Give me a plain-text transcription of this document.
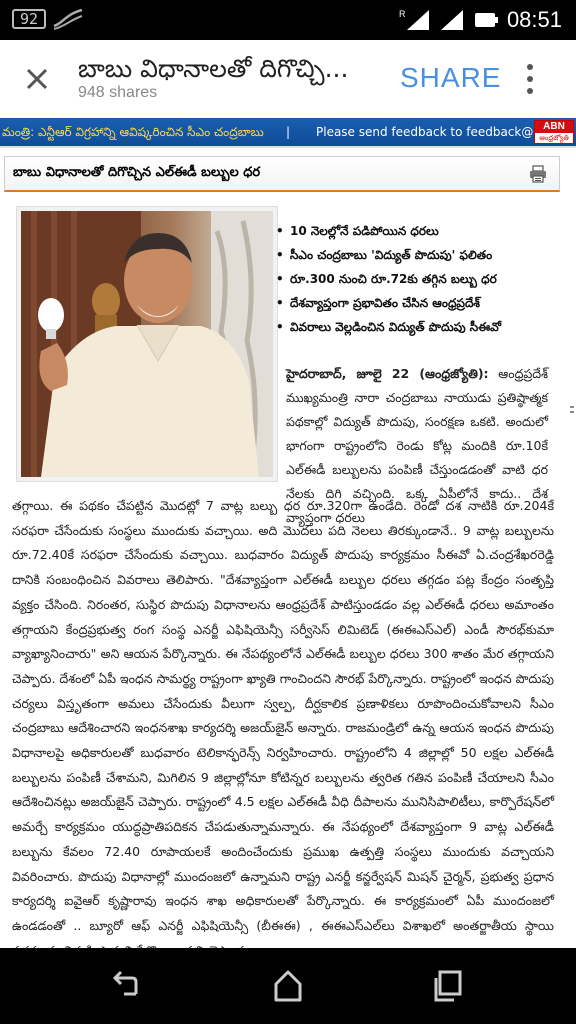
92	R	08:51
బాబు విధానాలతో దిగొచ్చి...
948 shares	SHARE
మంత్రి: ఎన్టీఆర్ విగ్రహాన్ని ఆవిష్కరించిన సీఎం చంద్రబాబు | Please send feedback to feedback@ ABN
ఆంధ్రజ్యోతి
బాబు విధానాలతో దిగొచ్చిన ఎల్ఈడీ బల్బుల ధర
• 10 నెలల్లోనే పడిపోయిన ధరలు
• సీఎం చంద్రబాబు 'విద్యుత్ పొదుపు' ఫలితం
• రూ.300 నుంచి రూ.72కు తగ్గిన బల్బు ధర
• దేశవ్యాప్తంగా ప్రభావితం చేసిన ఆంధ్రప్రదేశ్
• వివరాలు వెల్లడించిన విద్యుత్ పొదుపు సీఈవో

హైదరాబాద్, జూలై 22 (ఆంధ్రజ్యోతి): ఆంధ్రప్రదేశ్ ముఖ్యమంత్రి నారా చంద్రబాబు నాయుడు ప్రతిష్ఠాత్మక పథకాల్లో విద్యుత్ పొదుపు, సంరక్షణ ఒకటి. అందులో భాగంగా రాష్ట్రంలోని రెండు కోట్ల మందికి రూ.10కే ఎల్ఈడీ బల్బులను పంపిణీ చేస్తుండడంతో వాటి ధర నేలకు దిగి వచ్చింది. ఒక్క ఏపీలోనే కాదు.. దేశ వ్యాప్తంగా ధరలు

తగ్గాయి. ఈ పథకం చేపట్టిన మొదట్లో 7 వాట్ల బల్బు ధర రూ.320గా ఉండేది. రెండో దశ నాటికి రూ.204కే సరఫరా చేసేందుకు సంస్థలు ముందుకు వచ్చాయి. అది మొదలు పది నెలలు తిరక్కుండానే.. 9 వాట్ల బల్బులను రూ.72.40కే సరఫరా చేసేందుకు వచ్చాయి. బుధవారం విద్యుత్ పొదుపు కార్యక్రమం సీఈవో ఏ.చంద్రశేఖరరెడ్డి దానికి సంబంధించిన వివరాలు తెలిపారు. "దేశవ్యాప్తంగా ఎల్ఈడీ బల్బుల ధరలు తగ్గడం పట్ల కేంద్రం సంతృప్తి వ్యక్తం చేసింది. నిరంతర, సుస్థిర పొదుపు విధానాలను ఆంధ్రప్రదేశ్ పాటిస్తుండడం వల్ల ఎల్ఈడీ ధరలు అమాంతం తగ్గాయని కేంద్రప్రభుత్వ రంగ సంస్థ ఎనర్జీ ఎఫిషియెన్సీ సర్వీసెస్ లిమిటెడ్ (ఈఈఎస్ఎల్) ఎండీ సౌరభ్‌కుమా ‌వ్యాఖ్యానించారు" అని ఆయన పేర్కొన్నారు. ఈ నేపథ్యంలోనే ఎల్ఈడీ బల్బుల ధరలు 300 శాతం మేర తగ్గాయని చెప్పారు. దేశంలో ఏపీ ఇంధన సామర్థ్య రాష్ట్రంగా ఖ్యాతి గాంచిందని సౌరభ్ పేర్కొన్నారు. రాష్ట్రంలో ఇంధన పొదుపు చర్యలు విస్తృతంగా అమలు చేసేందుకు వీలుగా స్వల్ప, దీర్ఘకాలిక ప్రణాళికలు రూపొందించుకోవాలని సీఎం చంద్రబాబు ఆదేశించారని ఇంధనశాఖ కార్యదర్శి అజయ్‌జైన్ అన్నారు. రాజమండ్రిలో ఉన్న ఆయన ఇంధన పొదుపు విధానాలపై అధికారులతో బుధవారం టెలికాన్ఫరెన్స్ నిర్వహించారు. రాష్ట్రంలోని 4 జిల్లాల్లో 50 లక్షల ఎల్ఈడీ బల్బులను పంపిణీ చేశామని, మిగిలిన 9 జిల్లాల్లోనూ కోటిన్నర బల్బులను త్వరిత గతిన పంపిణీ చేయాలని సీఎం ఆదేశించినట్లు అజయ్‌జైన్ చెప్పారు. రాష్ట్రంలో 4.5 లక్షల ఎల్ఈడీ వీధి దీపాలను మునిసిపాలిటీలు, కార్పొరేషన్‌లో అమర్చే కార్యక్రమం యుద్ధప్రాతిపదికన చేపడుతున్నామన్నారు. ఈ నేపథ్యంలో దేశవ్యాప్తంగా 9 వాట్ల ఎల్ఈడీ బల్బును కేవలం 72.40 రూపాయలకే అందించేందుకు ప్రముఖ ఉత్పత్తి సంస్థలు ముందుకు వచ్చాయని వివరించారు. పొదుపు విధానాల్లో ముందంజలో ఉన్నామని రాష్ట్ర ఎనర్జీ కన్జర్వేషన్ మిషన్ చైర్మన్, ప్రభుత్వ ప్రధాన కార్యదర్శి ఐవైఆర్ కృష్ణారావు ఇంధన శాఖ అధికారులతో పేర్కొన్నారు. ఈ కార్యక్రమంలో ఏపీ ముందంజలో ఉండడంతో .. బ్యూరో ఆఫ్ ఎనర్జీ ఎఫిషియెన్సీ (బీఈఈ) , ఈఈఎస్ఎల్‌లు విశాఖలో అంతర్జాతీయ స్థాయి
